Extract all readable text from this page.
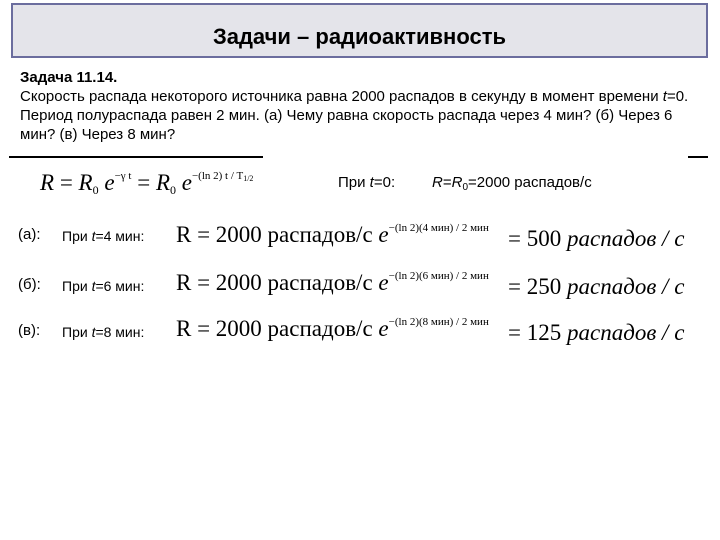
Задачи – радиоактивность
Задача 11.14.
Скорость распада некоторого источника равна 2000 распадов в секунду в момент времени t=0. Период полураспада равен 2 мин. (а) Чему равна скорость распада через 4 мин? (б) Через 6 мин? (в) Через 8 мин?
$R = R_0$ $e^{-\gamma t} = R_0$ $e^{-(ln 2) t / T1/2}$	При t=0: $R=R_0=2000$ распадов/с
(а): При t=4 мин: R = 2000 распадов/с $e^{-(ln 2)(4 мин) / 2 мин} = 500$ распадов / с
(б): При t=6 мин: R = 2000 распадов/с $e^{-(ln 2)(6 мин) / 2 мин} = 250$ распадов / с
(в): При t=8 мин: R = 2000 распадов/с $e^{-(ln 2)(8 мин) / 2 мин} = 125$ распадов / с
